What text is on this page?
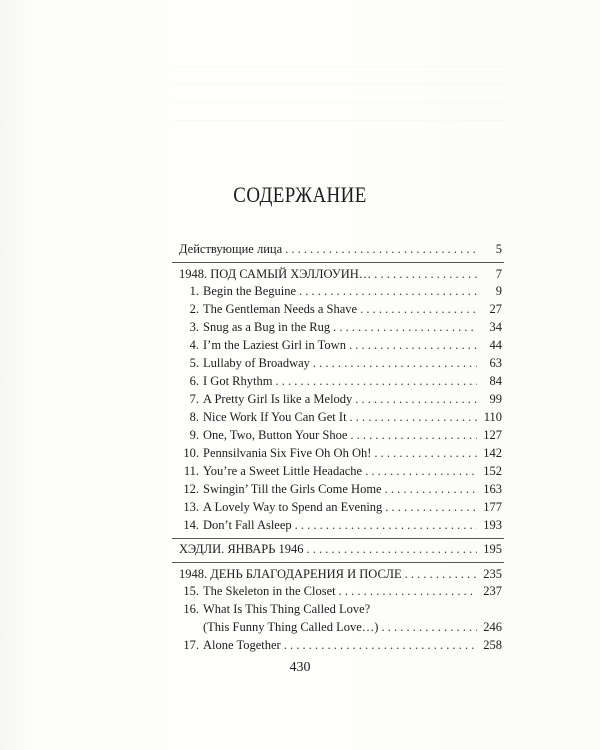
СОДЕРЖАНИЕ
Действующие лица . . .	5
1948. ПОД САМЫЙ ХЭЛЛОУИН… . . .	7
1. Begin the Beguine . . .	9
2. The Gentleman Needs a Shave . . .	27
3. Snug as a Bug in the Rug . . .	34
4. I’m the Laziest Girl in Town . . .	44
5. Lullaby of Broadway . . .	63
6. I Got Rhythm . . .	84
7. A Pretty Girl Is like a Melody . . .	99
8. Nice Work If You Can Get It . . .	110
9. One, Two, Button Your Shoe . . .	127
10. Pennsilvania Six Five Oh Oh Oh! . . .	142
11. You’re a Sweet Little Headache . . .	152
12. Swingin’ Till the Girls Come Home . . .	163
13. A Lovely Way to Spend an Evening . . .	177
14. Don’t Fall Asleep . . .	193
ХЭДЛИ. ЯНВАРЬ 1946 . . .	195
1948. ДЕНЬ БЛАГОДАРЕНИЯ И ПОСЛЕ . . .	235
15. The Skeleton in the Closet . . .	237
16. What Is This Thing Called Love?
(This Funny Thing Called Love…) . . .	246
17. Alone Together . . .	258
430
